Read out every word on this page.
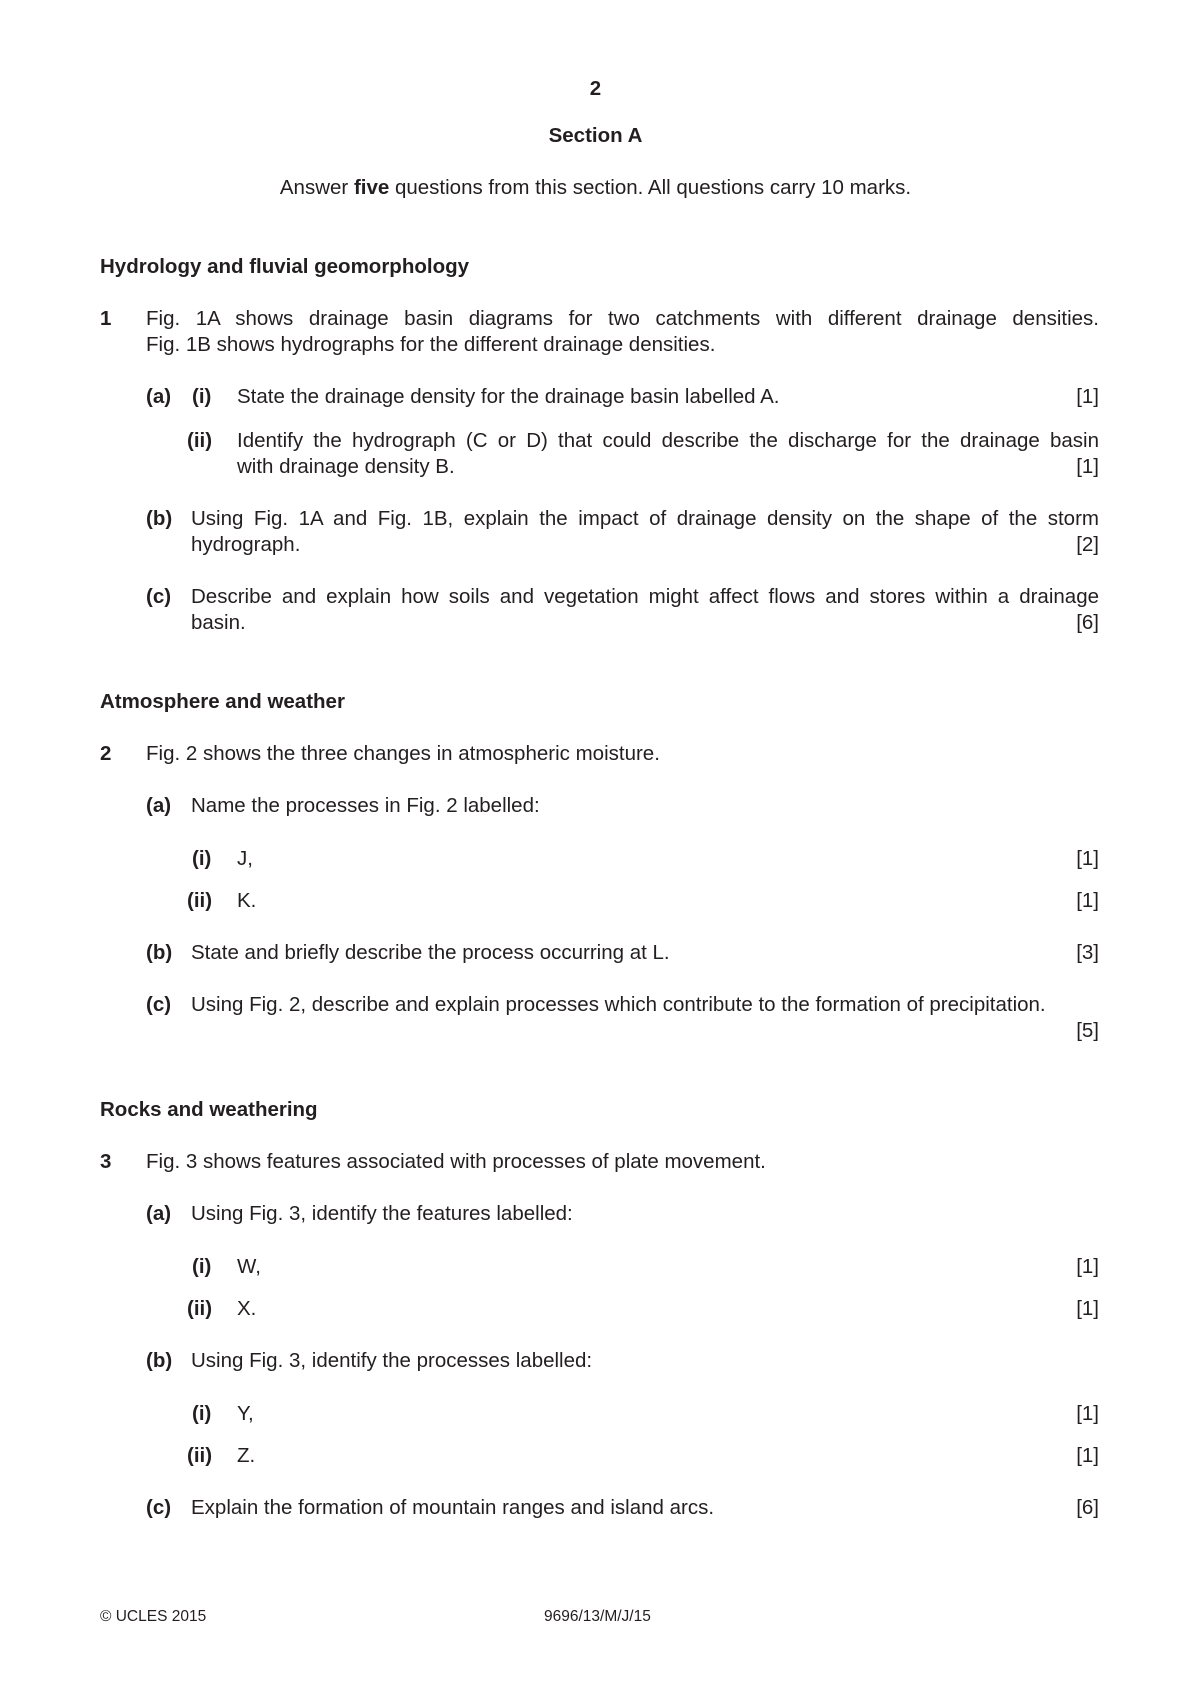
2
Section A
Answer five questions from this section. All questions carry 10 marks.
Hydrology and fluvial geomorphology
1 Fig. 1A shows drainage basin diagrams for two catchments with different drainage densities.
Fig. 1B shows hydrographs for the different drainage densities.
(a) (i) State the drainage density for the drainage basin labelled A.	[1]
(ii) Identify the hydrograph (C or D) that could describe the discharge for the drainage basin
with drainage density B.	[1]
(b) Using Fig. 1A and Fig. 1B, explain the impact of drainage density on the shape of the storm
hydrograph.	[2]
(c) Describe and explain how soils and vegetation might affect flows and stores within a drainage
basin.	[6]
Atmosphere and weather
2 Fig. 2 shows the three changes in atmospheric moisture.
(a) Name the processes in Fig. 2 labelled:
(i) J,	[1]
(ii) K.	[1]
(b) State and briefly describe the process occurring at L.	[3]
(c) Using Fig. 2, describe and explain processes which contribute to the formation of precipitation.
[5]
Rocks and weathering
3 Fig. 3 shows features associated with processes of plate movement.
(a) Using Fig. 3, identify the features labelled:
(i) W,	[1]
(ii) X.	[1]
(b) Using Fig. 3, identify the processes labelled:
(i) Y,	[1]
(ii) Z.	[1]
(c) Explain the formation of mountain ranges and island arcs.	[6]
© UCLES 2015	9696/13/M/J/15
